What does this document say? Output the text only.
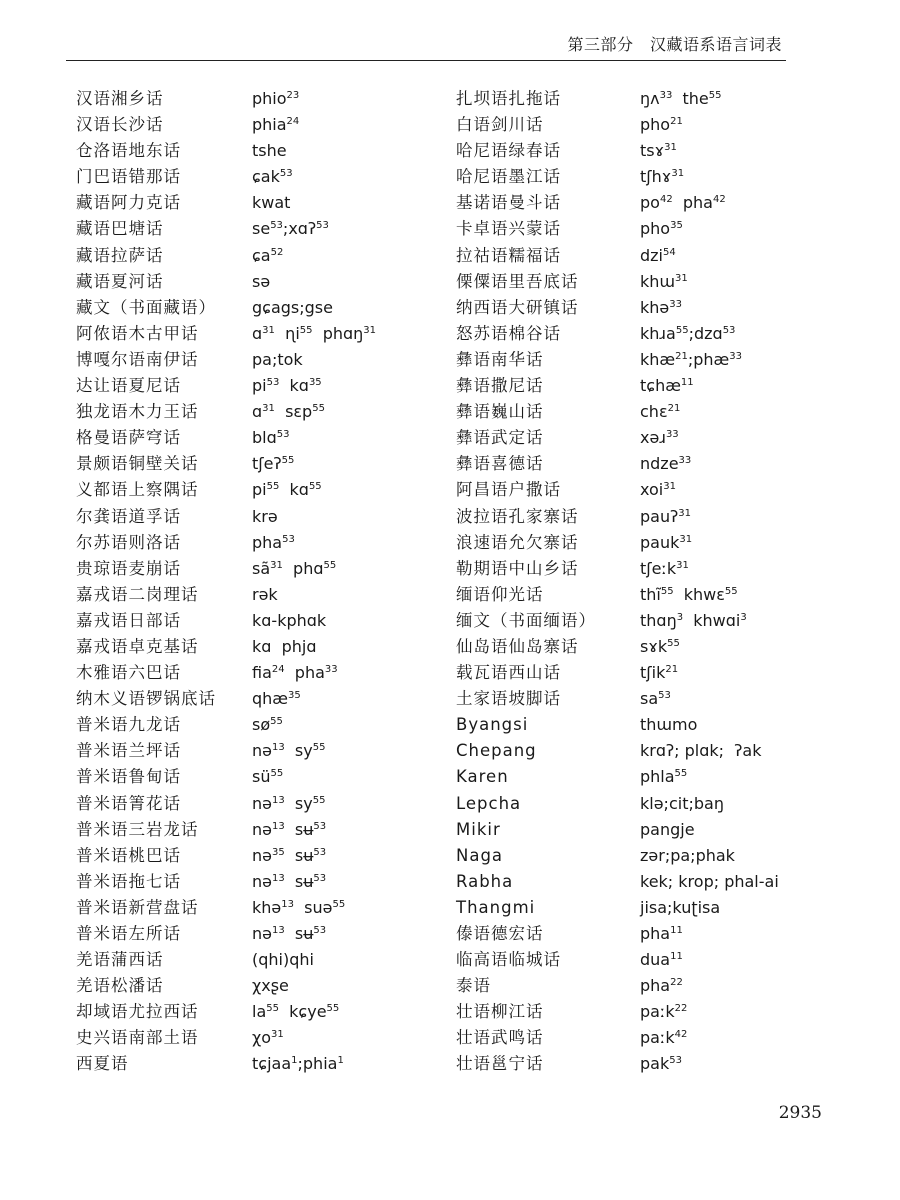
第三部分　汉藏语系语言词表
汉语湘乡话
汉语长沙话
仓洛语地东话
门巴语错那话
藏语阿力克话
藏语巴塘话
藏语拉萨话
藏语夏河话
藏文（书面藏语）
阿侬语木古甲话
博嘎尔语南伊话
达让语夏尼话
独龙语木力王话
格曼语萨穹话
景颇语铜壁关话
义都语上察隅话
尔龚语道孚话
尔苏语则洛话
贵琼语麦崩话
嘉戎语二岗理话
嘉戎语日部话
嘉戎语卓克基话
木雅语六巴话
纳木义语锣锅底话
普米语九龙话
普米语兰坪话
普米语鲁甸话
普米语箐花话
普米语三岩龙话
普米语桃巴话
普米语拖七话
普米语新营盘话
普米语左所话
羌语蒲西话
羌语松潘话
却域语尤拉西话
史兴语南部土语
西夏语
phio$^{23}$
phia$^{24}$
tshe
ɕak$^{53}$
kwat
$se^{53};xɑʔ^{53}$
ɕa$^{52}$
sə
gɕags;gse
ɑ$^{31}$  ɳi$^{55}$  phɑŋ$^{31}$
pa;tok
$pi^{53}$  kɑ$^{35}$
ɑ$^{31}$  sɛp$^{55}$
blɑ$^{53}$
tʃeʔ$^{55}$
$pi^{55}$  kɑ$^{55}$
krə
pha$^{53}$
$sã^{31}$  phɑ$^{55}$
rək
kɑ-kphɑk
kɑ  phjɑ
fia$^{24}$  pha$^{33}$
qhæ$^{35}$
$sø^{55}$
nə$^{13}$  $sy^{55}$
$sü^{55}$
nə$^{13}$  $sy^{55}$
nə$^{13}$  sʉ$^{53}$
nə$^{35}$  sʉ$^{53}$
nə$^{13}$  sʉ$^{53}$
khə$^{13}$  suə$^{55}$
nə$^{13}$  sʉ$^{53}$
(qhi)qhi
χxʂe
$la^{55}$  kɕye$^{55}$
$\chi o^{31}$
tɕjaa$^1$;phia$^1$
扎坝语扎拖话
白语剑川话
哈尼语绿春话
哈尼语墨江话
基诺语曼斗话
卡卓语兴蒙话
拉祜语糯福话
傈僳语里吾底话
纳西语大研镇话
怒苏语棉谷话
彝语南华话
彝语撒尼话
彝语巍山话
彝语武定话
彝语喜德话
阿昌语户撒话
波拉语孔家寨话
浪速语允欠寨话
勒期语中山乡话
缅语仰光话
缅文（书面缅语）
仙岛语仙岛寨话
载瓦语西山话
土家语坡脚话
Byangsi
Chepang
Karen
Lepcha
Mikir
Naga
Rabha
Thangmi
傣语德宏话
临高语临城话
泰语
壮语柳江话
壮语武鸣话
壮语邕宁话
ŋʌ$^{33}$  the$^{55}$
pho$^{21}$
tsɤ$^{31}$
tʃhɤ$^{31}$
$po^{42}$  pha$^{42}$
pho$^{35}$
dzi$^{54}$
khɯ$^{31}$
khə$^{33}$
khɹa$^{55}$;dzɑ$^{53}$
khæ$^{21}$;phæ$^{33}$
tɕhæ$^{11}$
chɛ$^{21}$
xəɹ$^{33}$
ndze$^{33}$
xoi$^{31}$
pauʔ$^{31}$
pauk$^{31}$
tʃeːk$^{31}$
thĩ$^{55}$  khwɛ$^{55}$
thɑŋ$^3$  khwɑi$^3$
sɤk$^{55}$
tʃik$^{21}$
$sa^{53}$
thɯmo
krɑʔ; plɑk;  ʔak
phla$^{55}$
klə;cit;baŋ
pangje
zər;pa;phak
kek; krop; phal-ai
jisa;kuʈisa
pha$^{11}$
dua$^{11}$
pha$^{22}$
paːk$^{22}$
paːk$^{42}$
pak$^{53}$
2935
